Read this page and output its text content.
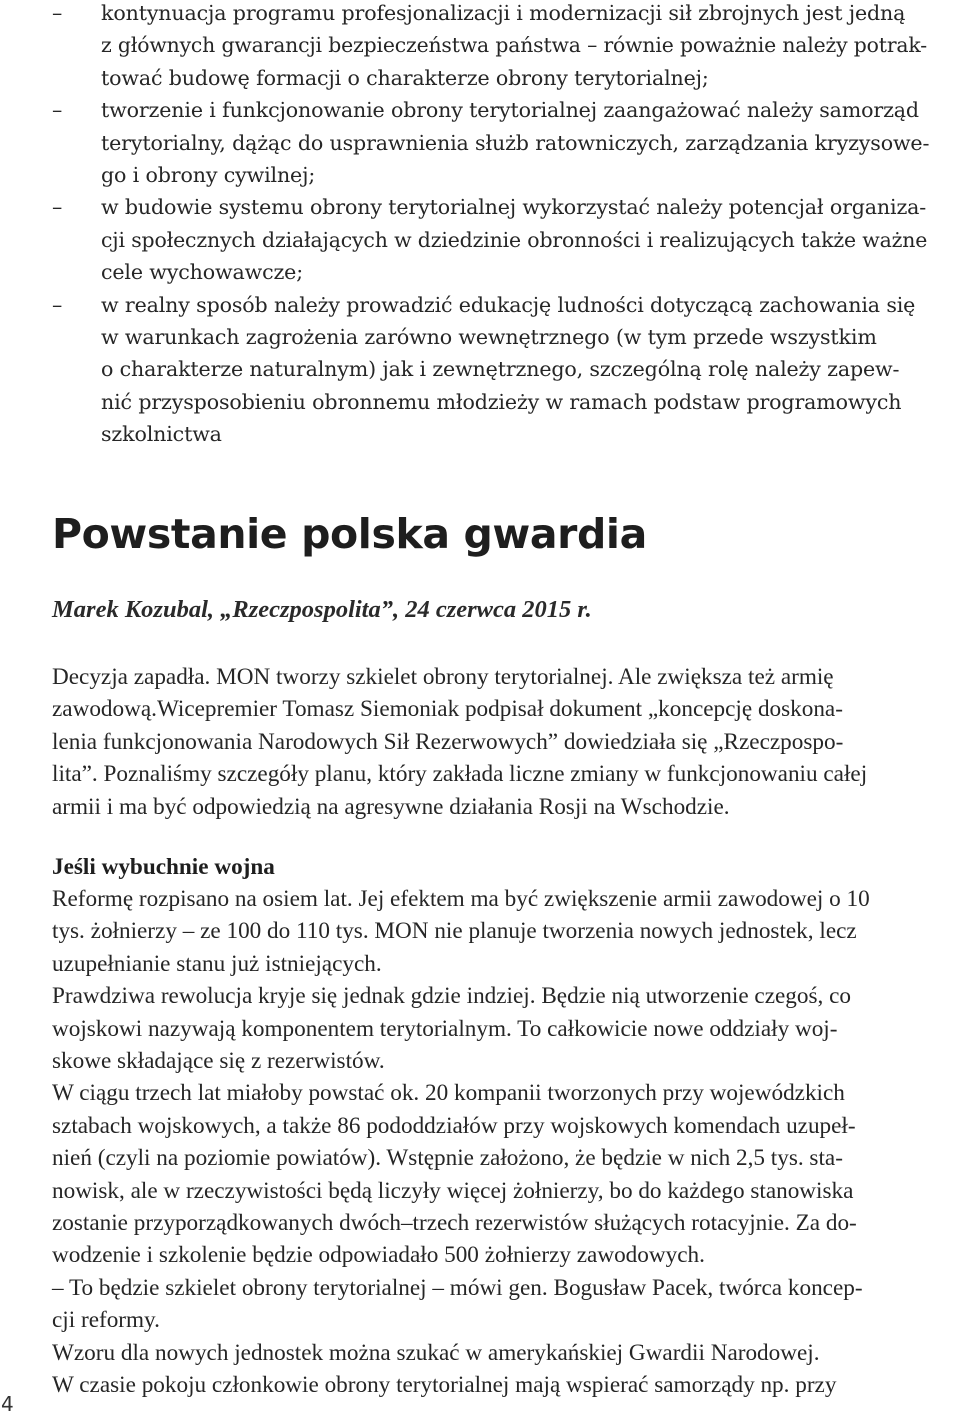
– kontynuacja programu profesjonalizacji i modernizacji sił zbrojnych jest jedną
z głównych gwarancji bezpieczeństwa państwa – równie poważnie należy potrak-
tować budowę formacji o charakterze obrony terytorialnej;
– tworzenie i funkcjonowanie obrony terytorialnej zaangażować należy samorząd
terytorialny, dążąc do usprawnienia służb ratowniczych, zarządzania kryzysowe-
go i obrony cywilnej;
– w budowie systemu obrony terytorialnej wykorzystać należy potencjał organiza-
cji społecznych działających w dziedzinie obronności i realizujących także ważne
cele wychowawcze;
– w realny sposób należy prowadzić edukację ludności dotyczącą zachowania się
w warunkach zagrożenia zarówno wewnętrznego (w tym przede wszystkim
o charakterze naturalnym) jak i zewnętrznego, szczególną rolę należy zapew-
nić przysposobieniu obronnemu młodzieży w ramach podstaw programowych
szkolnictwa
Powstanie polska gwardia
Marek Kozubal, „Rzeczpospolita”, 24 czerwca 2015 r.
Decyzja zapadła. MON tworzy szkielet obrony terytorialnej. Ale zwiększa też armię
zawodową.Wicepremier Tomasz Siemoniak podpisał dokument „koncepcję doskona-
lenia funkcjonowania Narodowych Sił Rezerwowych” dowiedziała się „Rzeczpospo-
lita”. Poznaliśmy szczegóły planu, który zakłada liczne zmiany w funkcjonowaniu całej
armii i ma być odpowiedzią na agresywne działania Rosji na Wschodzie.
Jeśli wybuchnie wojna
Reformę rozpisano na osiem lat. Jej efektem ma być zwiększenie armii zawodowej o 10
tys. żołnierzy – ze 100 do 110 tys. MON nie planuje tworzenia nowych jednostek, lecz
uzupełnianie stanu już istniejących.
Prawdziwa rewolucja kryje się jednak gdzie indziej. Będzie nią utworzenie czegoś, co
wojskowi nazywają komponentem terytorialnym. To całkowicie nowe oddziały woj-
skowe składające się z rezerwistów.
W ciągu trzech lat miałoby powstać ok. 20 kompanii tworzonych przy wojewódzkich
sztabach wojskowych, a także 86 pododdziałów przy wojskowych komendach uzupeł-
nień (czyli na poziomie powiatów). Wstępnie założono, że będzie w nich 2,5 tys. sta-
nowisk, ale w rzeczywistości będą liczyły więcej żołnierzy, bo do każdego stanowiska
zostanie przyporządkowanych dwóch–trzech rezerwistów służących rotacyjnie. Za do-
wodzenie i szkolenie będzie odpowiadało 500 żołnierzy zawodowych.
– To będzie szkielet obrony terytorialnej – mówi gen. Bogusław Pacek, twórca koncep-
cji reformy.
Wzoru dla nowych jednostek można szukać w amerykańskiej Gwardii Narodowej.
W czasie pokoju członkowie obrony terytorialnej mają wspierać samorządy np. przy
4
